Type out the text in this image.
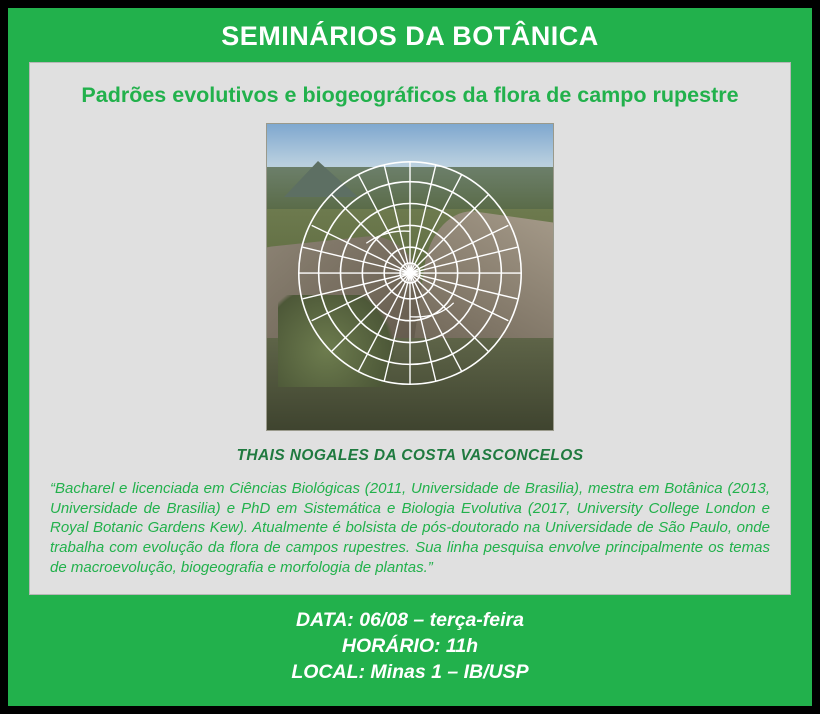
SEMINÁRIOS DA BOTÂNICA
Padrões evolutivos e biogeográficos da flora de campo rupestre
THAIS NOGALES DA COSTA VASCONCELOS
“Bacharel e licenciada em Ciências Biológicas (2011, Universidade de Brasilia), mestra em Botânica (2013, Universidade de Brasilia) e PhD em Sistemática e Biologia Evolutiva (2017, University College London e Royal Botanic Gardens Kew). Atualmente é bolsista de pós-doutorado na Universidade de São Paulo, onde trabalha com evolução da flora de campos rupestres. Sua linha pesquisa envolve principalmente os temas de macroevolução, biogeografia e morfologia de plantas.”
DATA: 06/08 – terça-feira
HORÁRIO: 11h
LOCAL: Minas 1 – IB/USP
